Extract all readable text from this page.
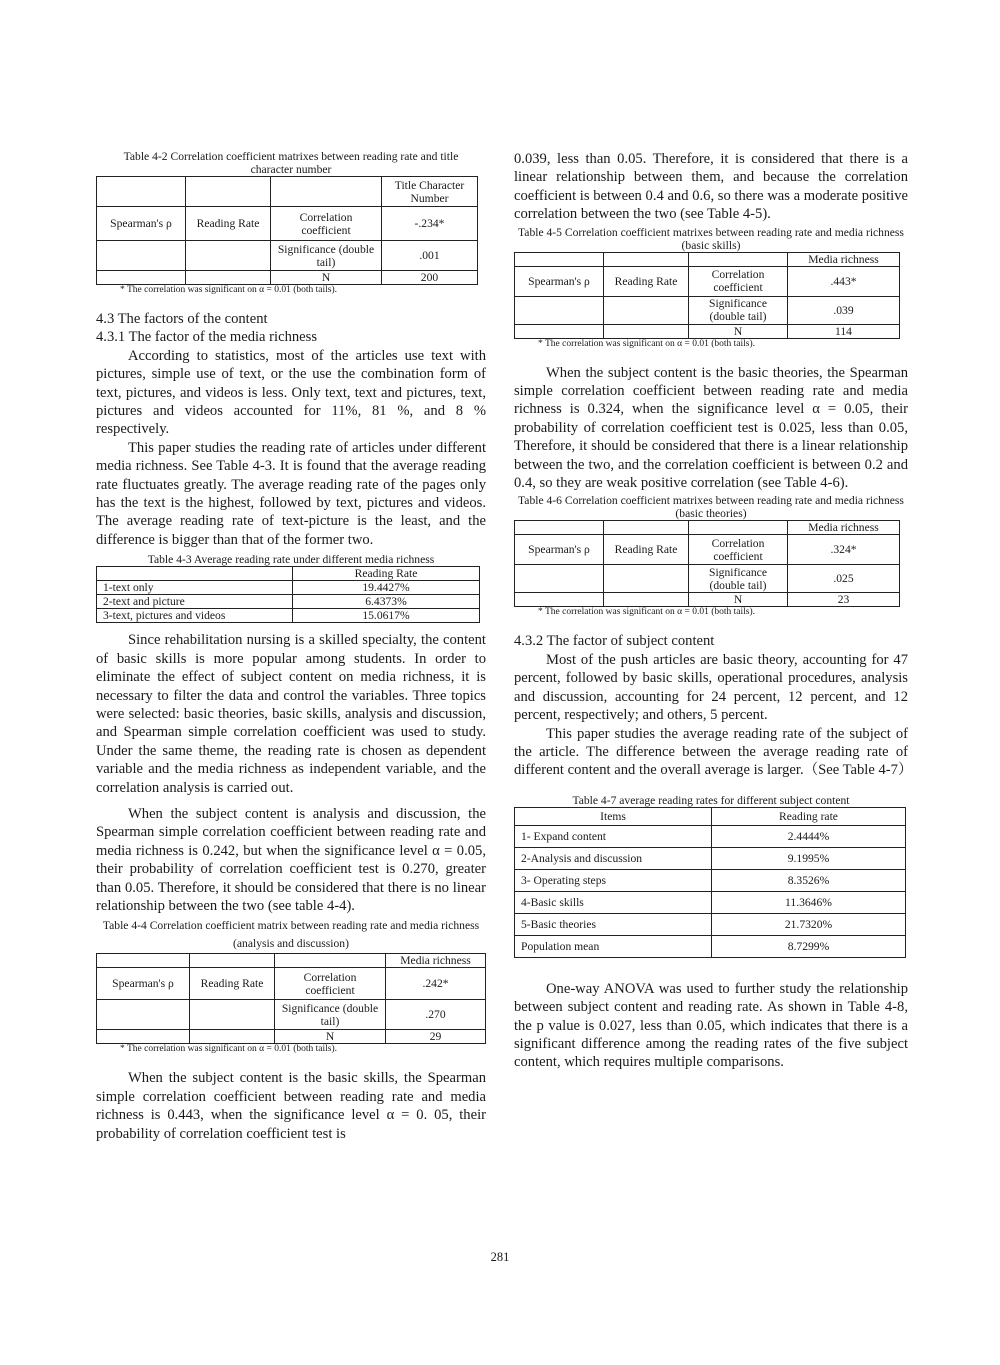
Table 4-2 Correlation coefficient matrixes between reading rate and title character number
			Title Character Number
Spearman's ρ	Reading Rate	Correlation coefficient	-.234*
		Significance (double tail)	.001
		N	200
* The correlation was significant on α = 0.01 (both tails).
4.3 The factors of the content
4.3.1 The factor of the media richness

According to statistics, most of the articles use text with pictures, simple use of text, or the use the combination form of text, pictures, and videos is less. Only text, text and pictures, text, pictures and videos accounted for 11%, 81 %, and 8 % respectively.

This paper studies the reading rate of articles under different media richness. See Table 4-3. It is found that the average reading rate fluctuates greatly. The average reading rate of the pages only has the text is the highest, followed by text, pictures and videos. The average reading rate of text-picture is the least, and the difference is bigger than that of the former two.

Table 4-3 Average reading rate under different media richness
	Reading Rate
1-text only	19.4427%
2-text and picture	6.4373%
3-text, pictures and videos	15.0617%

Since rehabilitation nursing is a skilled specialty, the content of basic skills is more popular among students. In order to eliminate the effect of subject content on media richness, it is necessary to filter the data and control the variables. Three topics were selected: basic theories, basic skills, analysis and discussion, and Spearman simple correlation coefficient was used to study. Under the same theme, the reading rate is chosen as dependent variable and the media richness as independent variable, and the correlation analysis is carried out.

When the subject content is analysis and discussion, the Spearman simple correlation coefficient between reading rate and media richness is 0.242, but when the significance level α = 0.05, their probability of correlation coefficient test is 0.270, greater than 0.05. Therefore, it should be considered that there is no linear relationship between the two (see table 4-4).

Table 4-4 Correlation coefficient matrix between reading rate and media richness (analysis and discussion)
			Media richness
Spearman's ρ	Reading Rate	Correlation coefficient	.242*
		Significance (double tail)	.270
		N	29
* The correlation was significant on α = 0.01 (both tails).

When the subject content is the basic skills, the Spearman simple correlation coefficient between reading rate and media richness is 0.443, when the significance level α = 0. 05, their probability of correlation coefficient test is

0.039, less than 0.05. Therefore, it is considered that there is a linear relationship between them, and because the correlation coefficient is between 0.4 and 0.6, so there was a moderate positive correlation between the two (see Table 4-5).

Table 4-5 Correlation coefficient matrixes between reading rate and media richness (basic skills)
			Media richness
Spearman's ρ	Reading Rate	Correlation coefficient	.443*
		Significance (double tail)	.039
		N	114
* The correlation was significant on α = 0.01 (both tails).

When the subject content is the basic theories, the Spearman simple correlation coefficient between reading rate and media richness is 0.324, when the significance level α = 0.05, their probability of correlation coefficient test is 0.025, less than 0.05, Therefore, it should be considered that there is a linear relationship between the two, and the correlation coefficient is between 0.2 and 0.4, so they are weak positive correlation (see Table 4-6).

Table 4-6 Correlation coefficient matrixes between reading rate and media richness (basic theories)
			Media richness
Spearman's ρ	Reading Rate	Correlation coefficient	.324*
		Significance (double tail)	.025
		N	23
* The correlation was significant on α = 0.01 (both tails).
4.3.2 The factor of subject content

Most of the push articles are basic theory, accounting for 47 percent, followed by basic skills, operational procedures, analysis and discussion, accounting for 24 percent, 12 percent, and 12 percent, respectively; and others, 5 percent.

This paper studies the average reading rate of the subject of the article. The difference between the average reading rate of different content and the overall average is larger.（See Table 4-7）

Table 4-7 average reading rates for different subject content
Items	Reading rate
1- Expand content	2.4444%
2-Analysis and discussion	9.1995%
3- Operating steps	8.3526%
4-Basic skills	11.3646%
5-Basic theories	21.7320%
Population mean	8.7299%

One-way ANOVA was used to further study the relationship between subject content and reading rate. As shown in Table 4-8, the p value is 0.027, less than 0.05, which indicates that there is a significant difference among the reading rates of the five subject content, which requires multiple comparisons.

281
